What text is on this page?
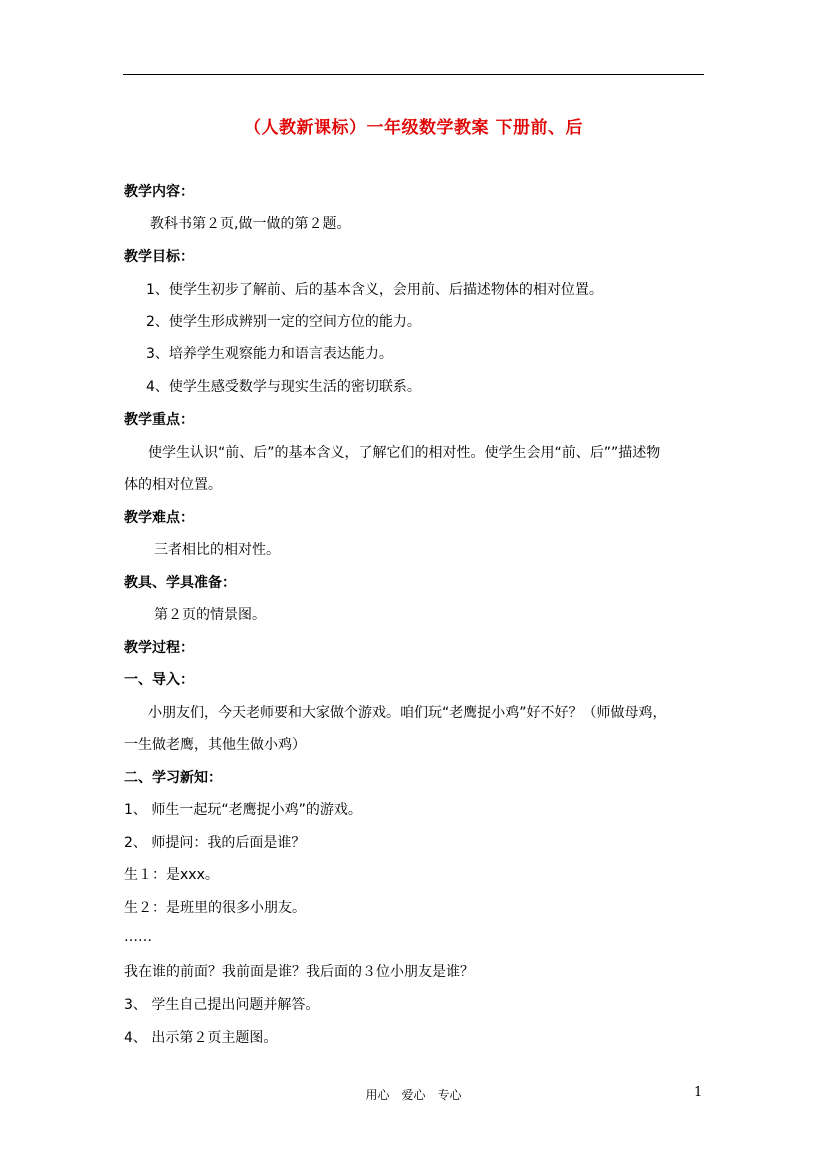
（人教新课标）一年级数学教案 下册前、后
教学内容：
教科书第２页,做一做的第２题。
教学目标：
1、使学生初步了解前、后的基本含义，会用前、后描述物体的相对位置。
2、使学生形成辨别一定的空间方位的能力。
3、培养学生观察能力和语言表达能力。
4、使学生感受数学与现实生活的密切联系。
教学重点：
使学生认识“前、后”的基本含义，了解它们的相对性。使学生会用“前、后””描述物
体的相对位置。
教学难点：
三者相比的相对性。
教具、学具准备：
第２页的情景图。
教学过程：
一、导入：
小朋友们，今天老师要和大家做个游戏。咱们玩“老鹰捉小鸡”好不好？（师做母鸡，
一生做老鹰，其他生做小鸡）
二、学习新知：
1、 师生一起玩“老鹰捉小鸡”的游戏。
2、 师提问：我的后面是谁？
生１：是xxx。
生２：是班里的很多小朋友。
……
我在谁的前面？我前面是谁？我后面的３位小朋友是谁？
3、 学生自己提出问题并解答。
4、 出示第２页主题图。
用心　爱心　专心	1
